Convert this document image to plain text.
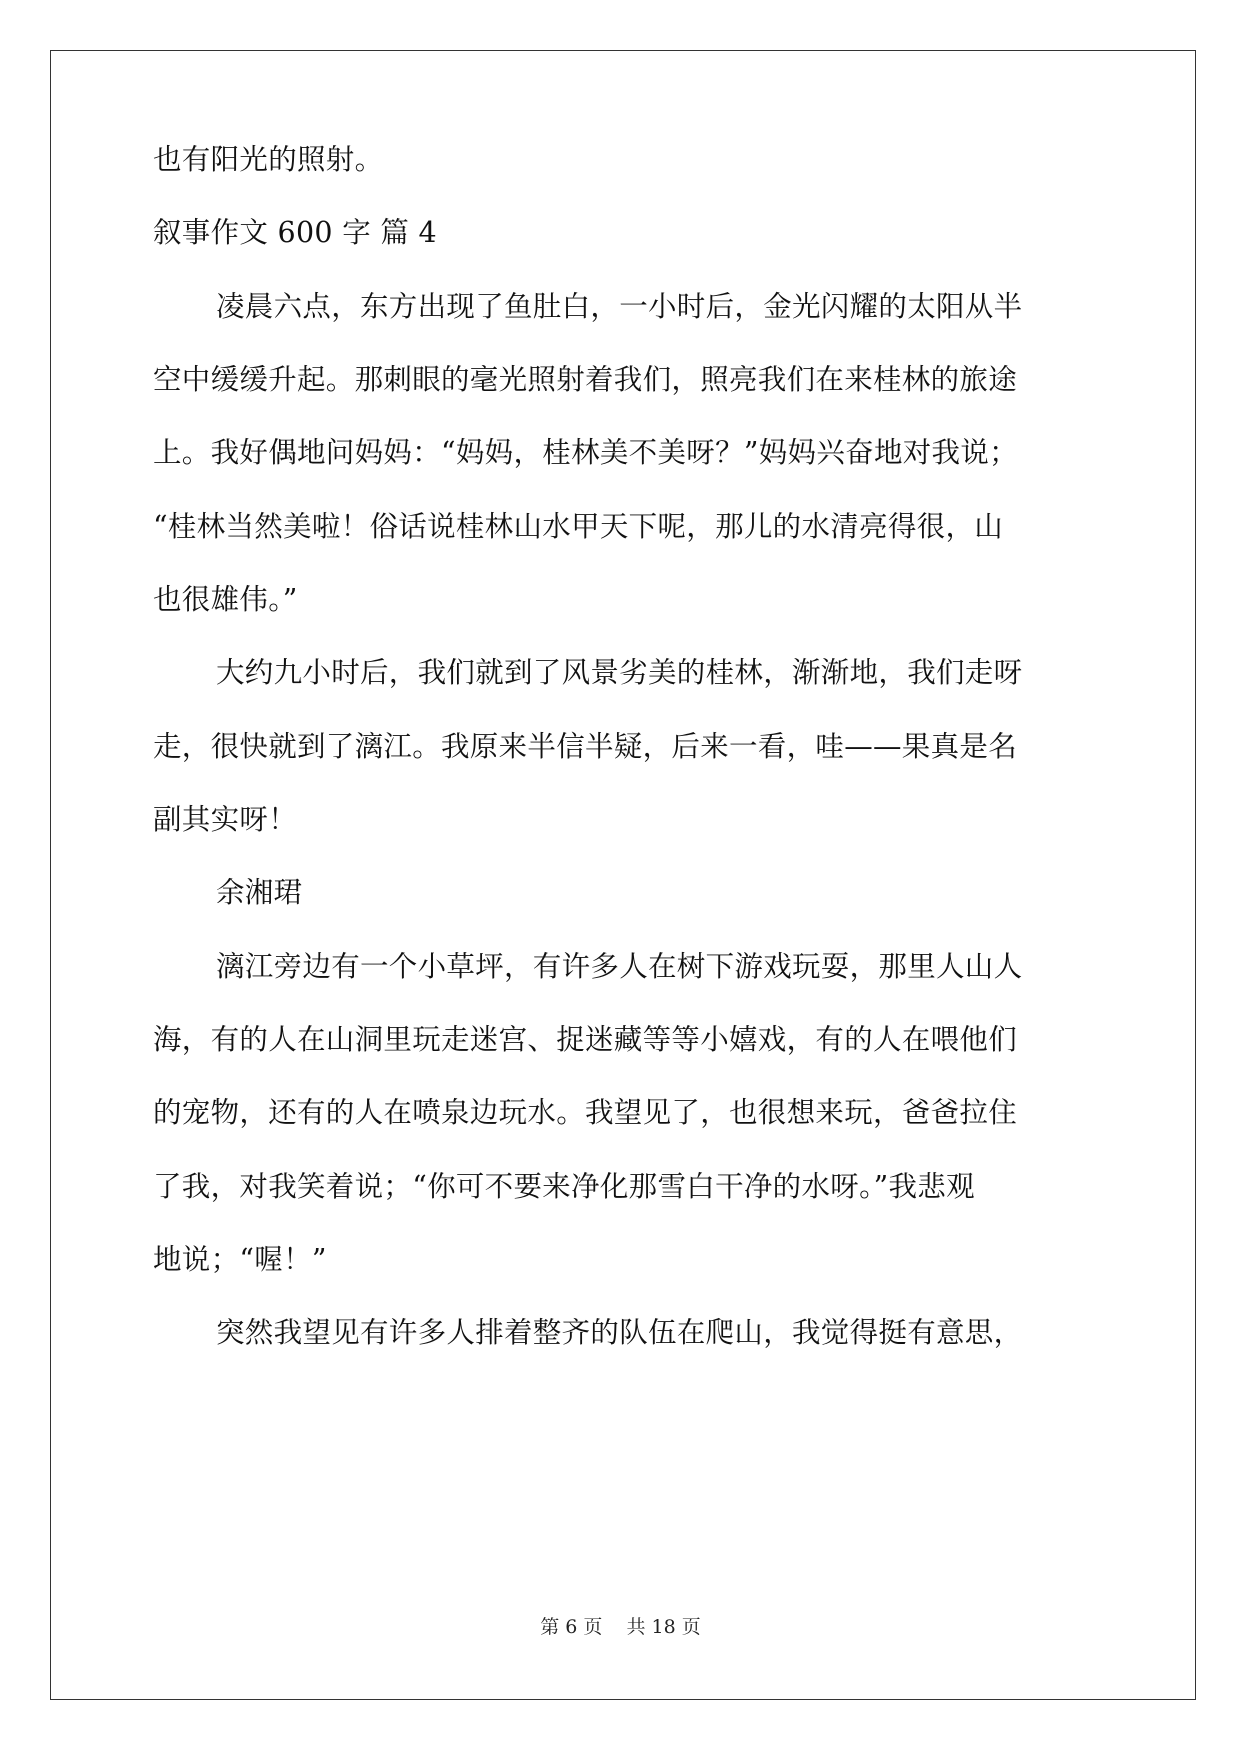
也有阳光的照射。
叙事作文 600 字 篇 4
凌晨六点，东方出现了鱼肚白，一小时后，金光闪耀的太阳从半
空中缓缓升起。那刺眼的毫光照射着我们，照亮我们在来桂林的旅途
上。我好偶地问妈妈：“妈妈，桂林美不美呀？”妈妈兴奋地对我说；
“桂林当然美啦！俗话说桂林山水甲天下呢，那儿的水清亮得很，山
也很雄伟。”
大约九小时后，我们就到了风景劣美的桂林，渐渐地，我们走呀
走，很快就到了漓江。我原来半信半疑，后来一看，哇——果真是名
副其实呀！
余湘珺
漓江旁边有一个小草坪，有许多人在树下游戏玩耍，那里人山人
海，有的人在山洞里玩走迷宫、捉迷藏等等小嬉戏，有的人在喂他们
的宠物，还有的人在喷泉边玩水。我望见了，也很想来玩，爸爸拉住
了我，对我笑着说；“你可不要来净化那雪白干净的水呀。”我悲观
地说；“喔！”
突然我望见有许多人排着整齐的队伍在爬山，我觉得挺有意思，
第 6 页 共 18 页
